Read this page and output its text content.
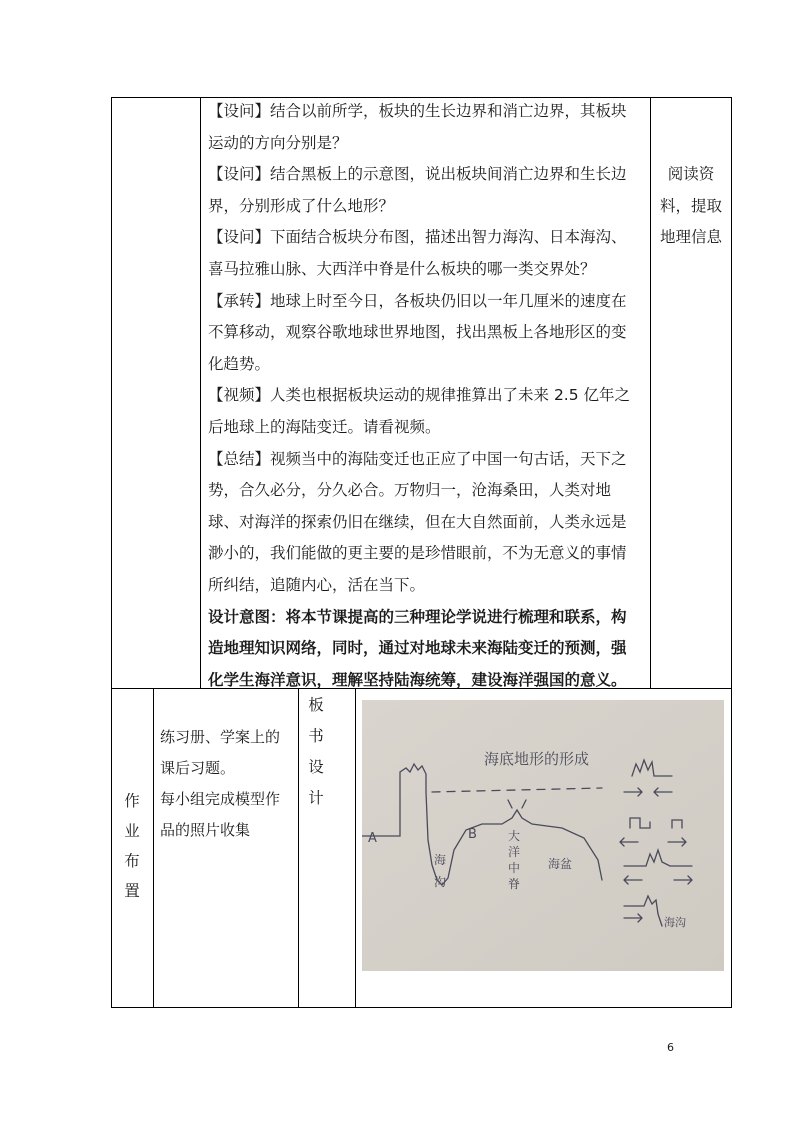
【设问】结合以前所学，板块的生长边界和消亡边界，其板块
运动的方向分别是？

【设问】结合黑板上的示意图，说出板块间消亡边界和生长边
界，分别形成了什么地形？

【设问】下面结合板块分布图，描述出智力海沟、日本海沟、
喜马拉雅山脉、大西洋中脊是什么板块的哪一类交界处？

【承转】地球上时至今日，各板块仍旧以一年几厘米的速度在
不算移动，观察谷歌地球世界地图，找出黑板上各地形区的变
化趋势。

【视频】人类也根据板块运动的规律推算出了未来 2.5 亿年之
后地球上的海陆变迁。请看视频。

【总结】视频当中的海陆变迁也正应了中国一句古话，天下之
势，合久必分，分久必合。万物归一，沧海桑田，人类对地
球、对海洋的探索仍旧在继续，但在大自然面前，人类永远是
渺小的，我们能做的更主要的是珍惜眼前，不为无意义的事情
所纠结，追随内心，活在当下。

设计意图：将本节课提高的三种理论学说进行梳理和联系，构
造地理知识网络，同时，通过对地球未来海陆变迁的预测，强
化学生海洋意识，理解坚持陆海统筹，建设海洋强国的意义。

阅读资
料，提取
地理信息
作
业
布
置
练习册、学案上的
课后习题。
每小组完成模型作
品的照片收集
板
书
设
计
海底地形的形成
A	B	大
洋
中
脊
海
沟
海盆
海沟
6
